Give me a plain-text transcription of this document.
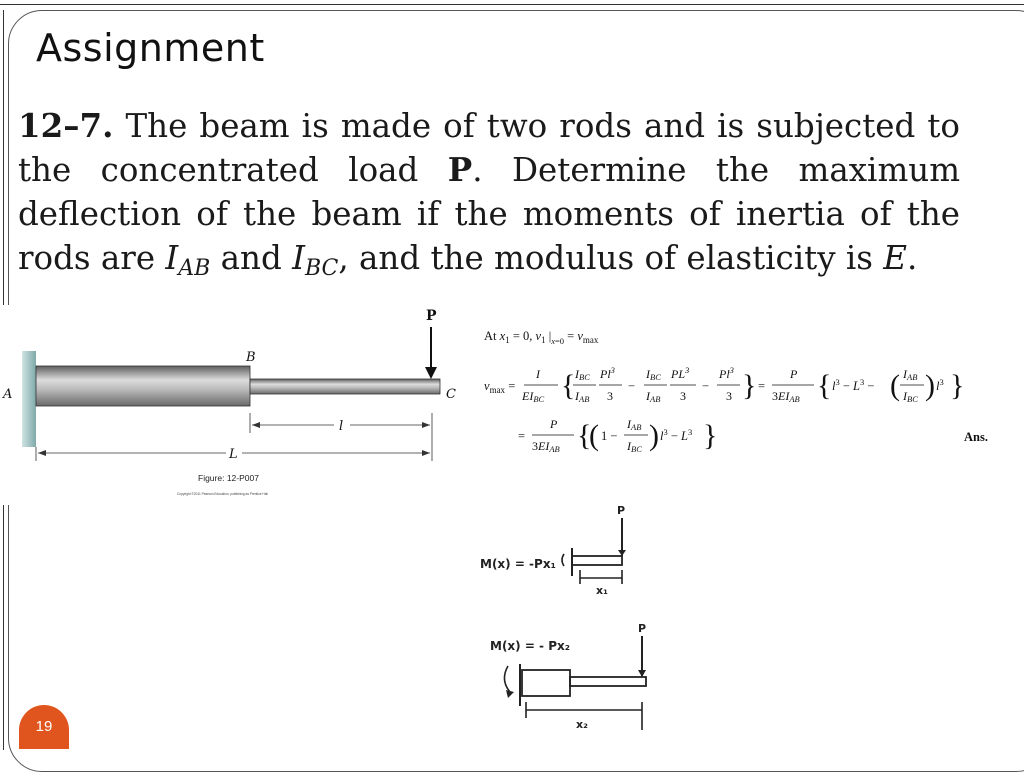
Assignment
12–7. The beam is made of two rods and is subjected to the concentrated load P. Determine the maximum deflection of the beam if the moments of inertia of the rods are $I_{AB}$ and $I_{BC}$, and the modulus of elasticity is E.
P
A
B
C
l
L
Figure: 12-P007
Copyright ©2011 Pearson Education, publishing as Prentice Hall
At $x_1 = 0$, $v_1$ $|_x=0 = v_{max}$
$v_{max}$ =
I
EIBC { IBC
IAB
Pl$^3$
3
−
IBC
IAB
$PL^3$
3
−
$Pl^3$
3 } =
P
3EIAB { $l^3 - L^3$ − ( IAB
IBC ) $l^3$ }
=
P
3EIAB {
( 1 −
IAB
IBC ) $l^3 - L^3$ }	Ans.
M(x) = -Px₁
P
x₁
M(x) = - Px₂
P
x₂
19
